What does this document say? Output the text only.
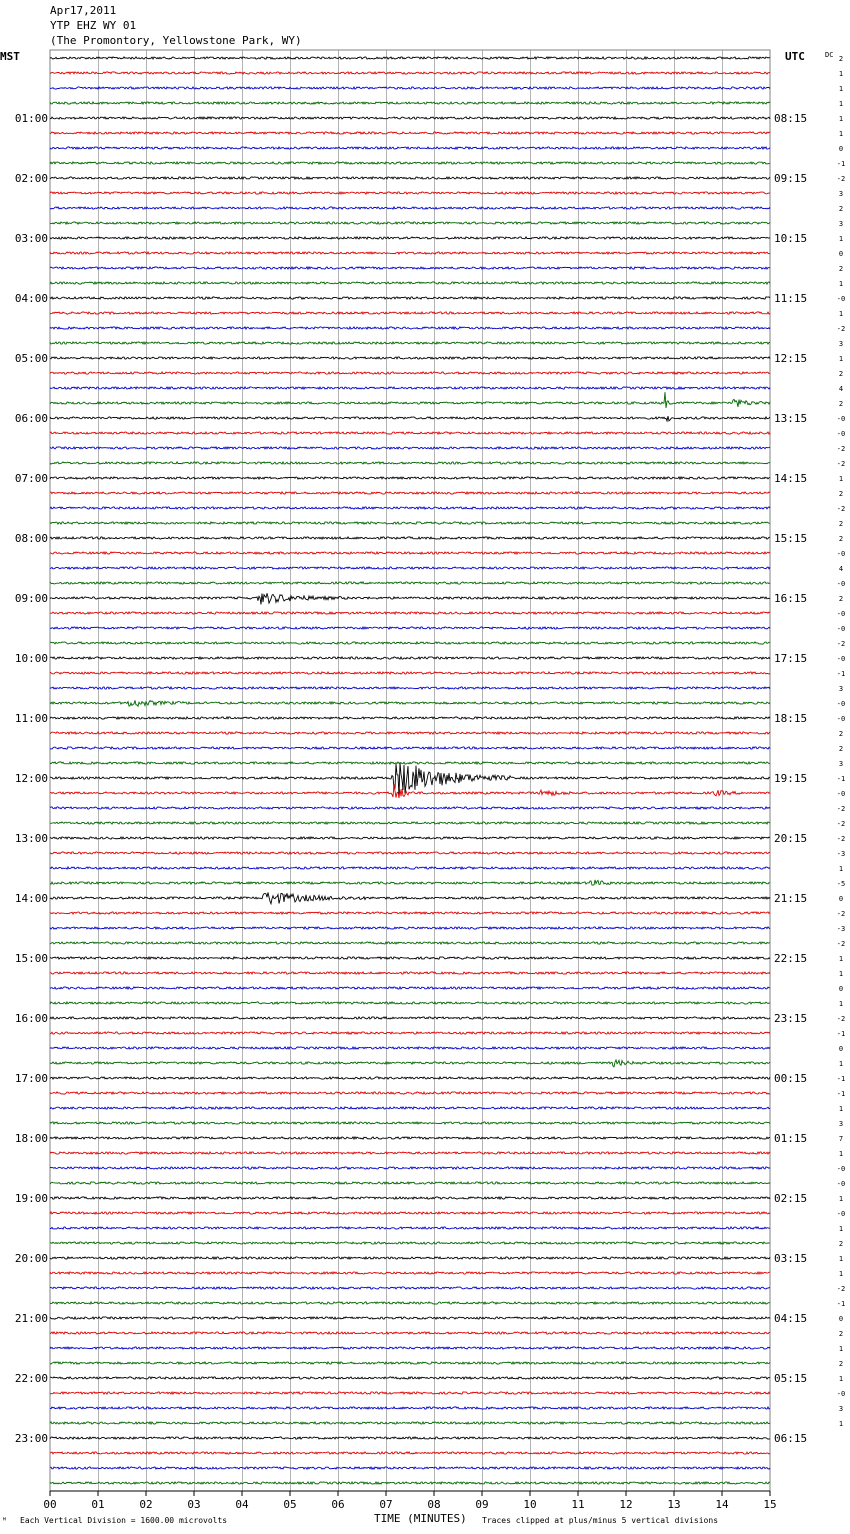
Apr17,2011
YTP EHZ WY 01
(The Promontory, Yellowstone Park, WY)
MST	UTC	DC
00	01	02	03	04	05	06	07	08	09	10	11	12	13	14	15
2
1
1
1
1
1
0
-1
-2
3
2
3
1
0
2
1
-0
1
-2
3
1
2
4
2
-0
-0
-2
-2
1
2
-2
2
2
-0
4
-0
2
-0
-0
-2
-0
-1
3
-0
-0
2
2
3
-1
-0
-2
-2
-2
-3
1
-5
0
-2
-3
-2
1
1
0
1
-2
-1
0
1
-1
-1
1
3
7
1
-0
-0
1
-0
1
2
1
1
-2
-1
0
2
1
2
1
-0
3
1
01:00
02:00
03:00
04:00
05:00
06:00
07:00
08:00
09:00
10:00
11:00
12:00
13:00
14:00
15:00
16:00
17:00
18:00
19:00
20:00
21:00
22:00
23:00
08:15
09:15
10:15
11:15
12:15
13:15
14:15
15:15
16:15
17:15
18:15
19:15
20:15
21:15
22:15
23:15
00:15
01:15
02:15
03:15
04:15
05:15
06:15
ᴹ Each Vertical Division = 1600.00 microvolts	TIME (MINUTES) Traces clipped at plus/minus 5 vertical divisions
